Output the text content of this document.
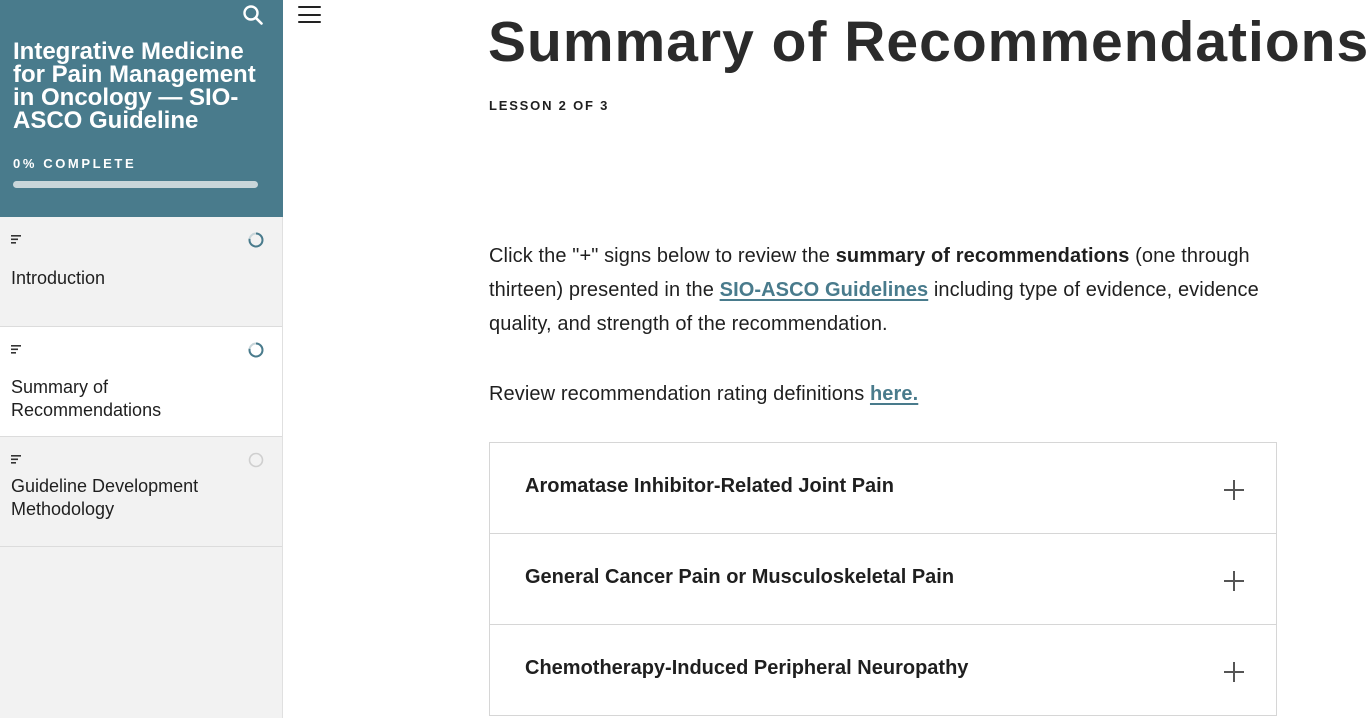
Integrative Medicine for Pain Management in Oncology — SIO-ASCO Guideline
0% COMPLETE
Introduction
Summary of Recommendations
Guideline Development Methodology
Summary of Recommendations
LESSON 2 OF 3

Click the "+" signs below to review the summary of recommendations (one through thirteen) presented in the SIO-ASCO Guidelines including type of evidence, evidence quality, and strength of the recommendation.

Review recommendation rating definitions here.

Aromatase Inhibitor-Related Joint Pain
General Cancer Pain or Musculoskeletal Pain
Chemotherapy-Induced Peripheral Neuropathy
